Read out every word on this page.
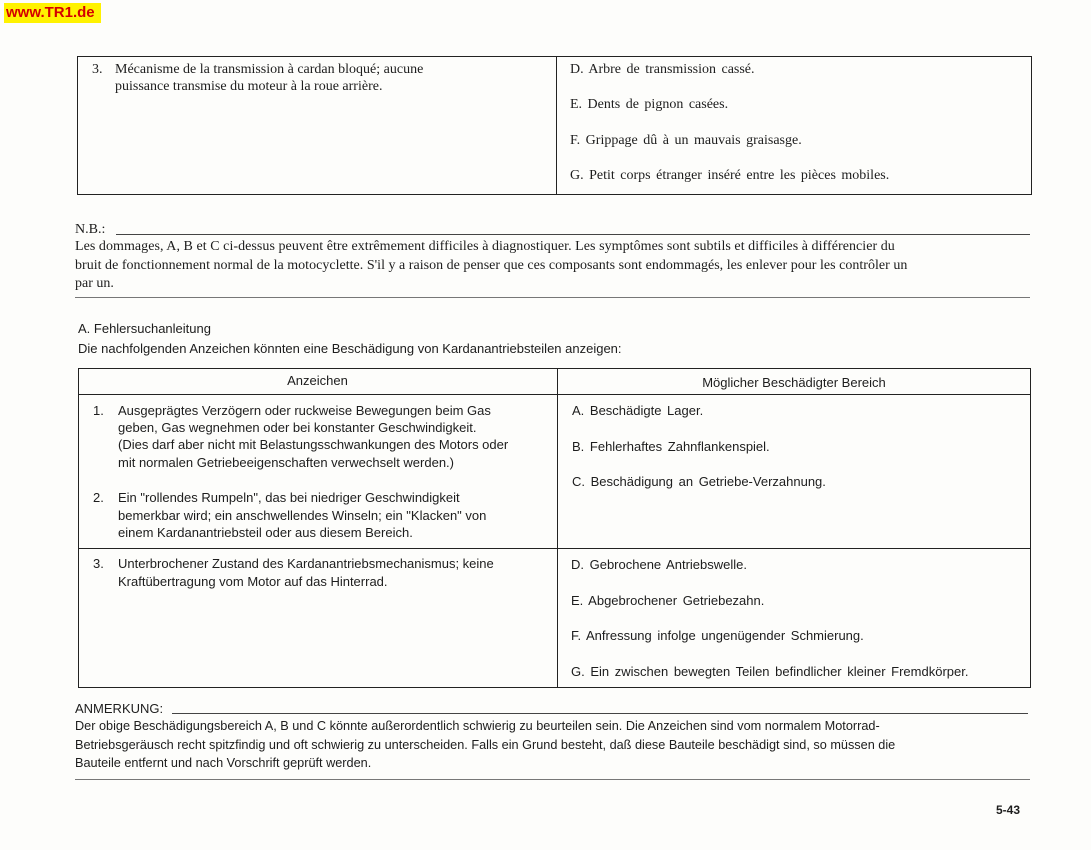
www.TR1.de
3. Mécanisme de la transmission à cardan bloqué; aucune
puissance transmise du moteur à la roue arrière.
D. Arbre de transmission cassé.
E. Dents de pignon casées.
F. Grippage dû à un mauvais graisasge.
G. Petit corps étranger inséré entre les pièces mobiles.
N.B.:
Les dommages, A, B et C ci-dessus peuvent être extrêmement difficiles à diagnostiquer. Les symptômes sont subtils et difficiles à différencier du
bruit de fonctionnement normal de la motocyclette. S'il y a raison de penser que ces composants sont endommagés, les enlever pour les contrôler un
par un.
A. Fehlersuchanleitung
Die nachfolgenden Anzeichen könnten eine Beschädigung von Kardanantriebsteilen anzeigen:
Anzeichen	Möglicher Beschädigter Bereich
1. Ausgeprägtes Verzögern oder ruckweise Bewegungen beim Gas
geben, Gas wegnehmen oder bei konstanter Geschwindigkeit.
(Dies darf aber nicht mit Belastungsschwankungen des Motors oder
mit normalen Getriebeeigenschaften verwechselt werden.)
2. Ein "rollendes Rumpeln", das bei niedriger Geschwindigkeit
bemerkbar wird; ein anschwellendes Winseln; ein "Klacken" von
einem Kardanantriebsteil oder aus diesem Bereich.
A. Beschädigte Lager.
B. Fehlerhaftes Zahnflankenspiel.
C. Beschädigung an Getriebe-Verzahnung.
3. Unterbrochener Zustand des Kardanantriebsmechanismus; keine
Kraftübertragung vom Motor auf das Hinterrad.
D. Gebrochene Antriebswelle.
E. Abgebrochener Getriebezahn.
F. Anfressung infolge ungenügender Schmierung.
G. Ein zwischen bewegten Teilen befindlicher kleiner Fremdkörper.
ANMERKUNG:
Der obige Beschädigungsbereich A, B und C könnte außerordentlich schwierig zu beurteilen sein. Die Anzeichen sind vom normalem Motorrad-
Betriebsgeräusch recht spitzfindig und oft schwierig zu unterscheiden. Falls ein Grund besteht, daß diese Bauteile beschädigt sind, so müssen die
Bauteile entfernt und nach Vorschrift geprüft werden.
5-43
